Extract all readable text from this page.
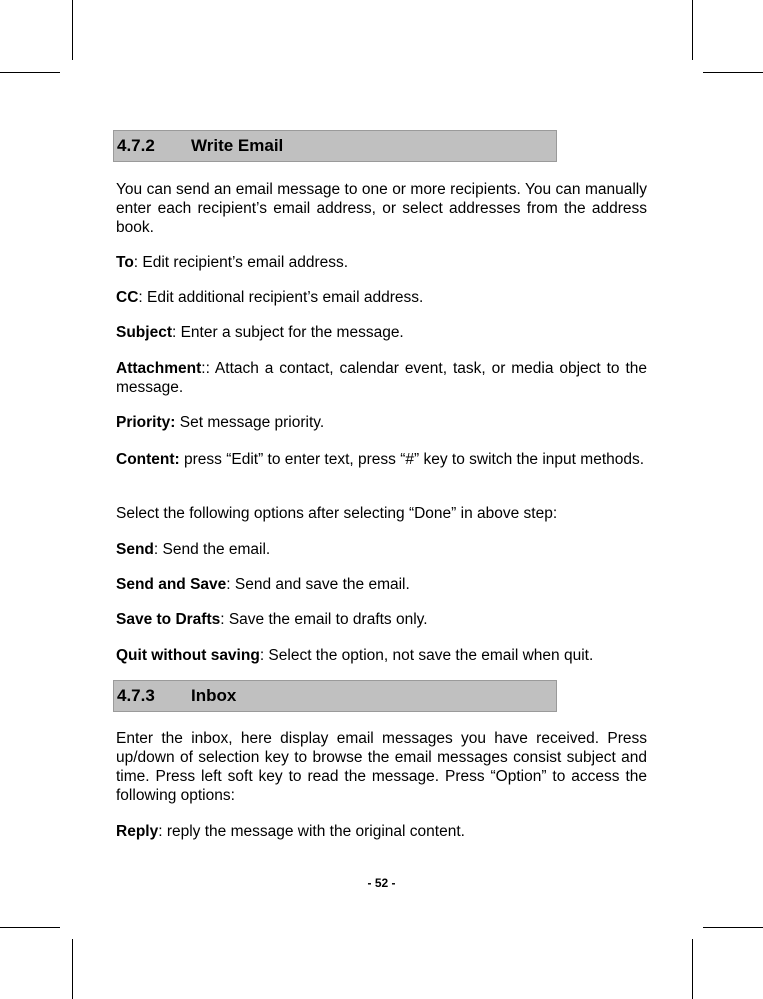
4.7.2 Write Email
You can send an email message to one or more recipients. You can manually enter each recipient’s email address, or select addresses from the address book.
To: Edit recipient’s email address.
CC: Edit additional recipient’s email address.
Subject: Enter a subject for the message.
Attachment:: Attach a contact, calendar event, task, or media object to the message.
Priority: Set message priority.
Content: press “Edit” to enter text, press “#” key to switch the input methods.
Select the following options after selecting “Done” in above step:
Send: Send the email.
Send and Save: Send and save the email.
Save to Drafts: Save the email to drafts only.
Quit without saving: Select the option, not save the email when quit.
4.7.3 Inbox
Enter the inbox, here display email messages you have received. Press up/down of selection key to browse the email messages consist subject and time. Press left soft key to read the message. Press “Option” to access the following options:
Reply: reply the message with the original content.
- 52 -
